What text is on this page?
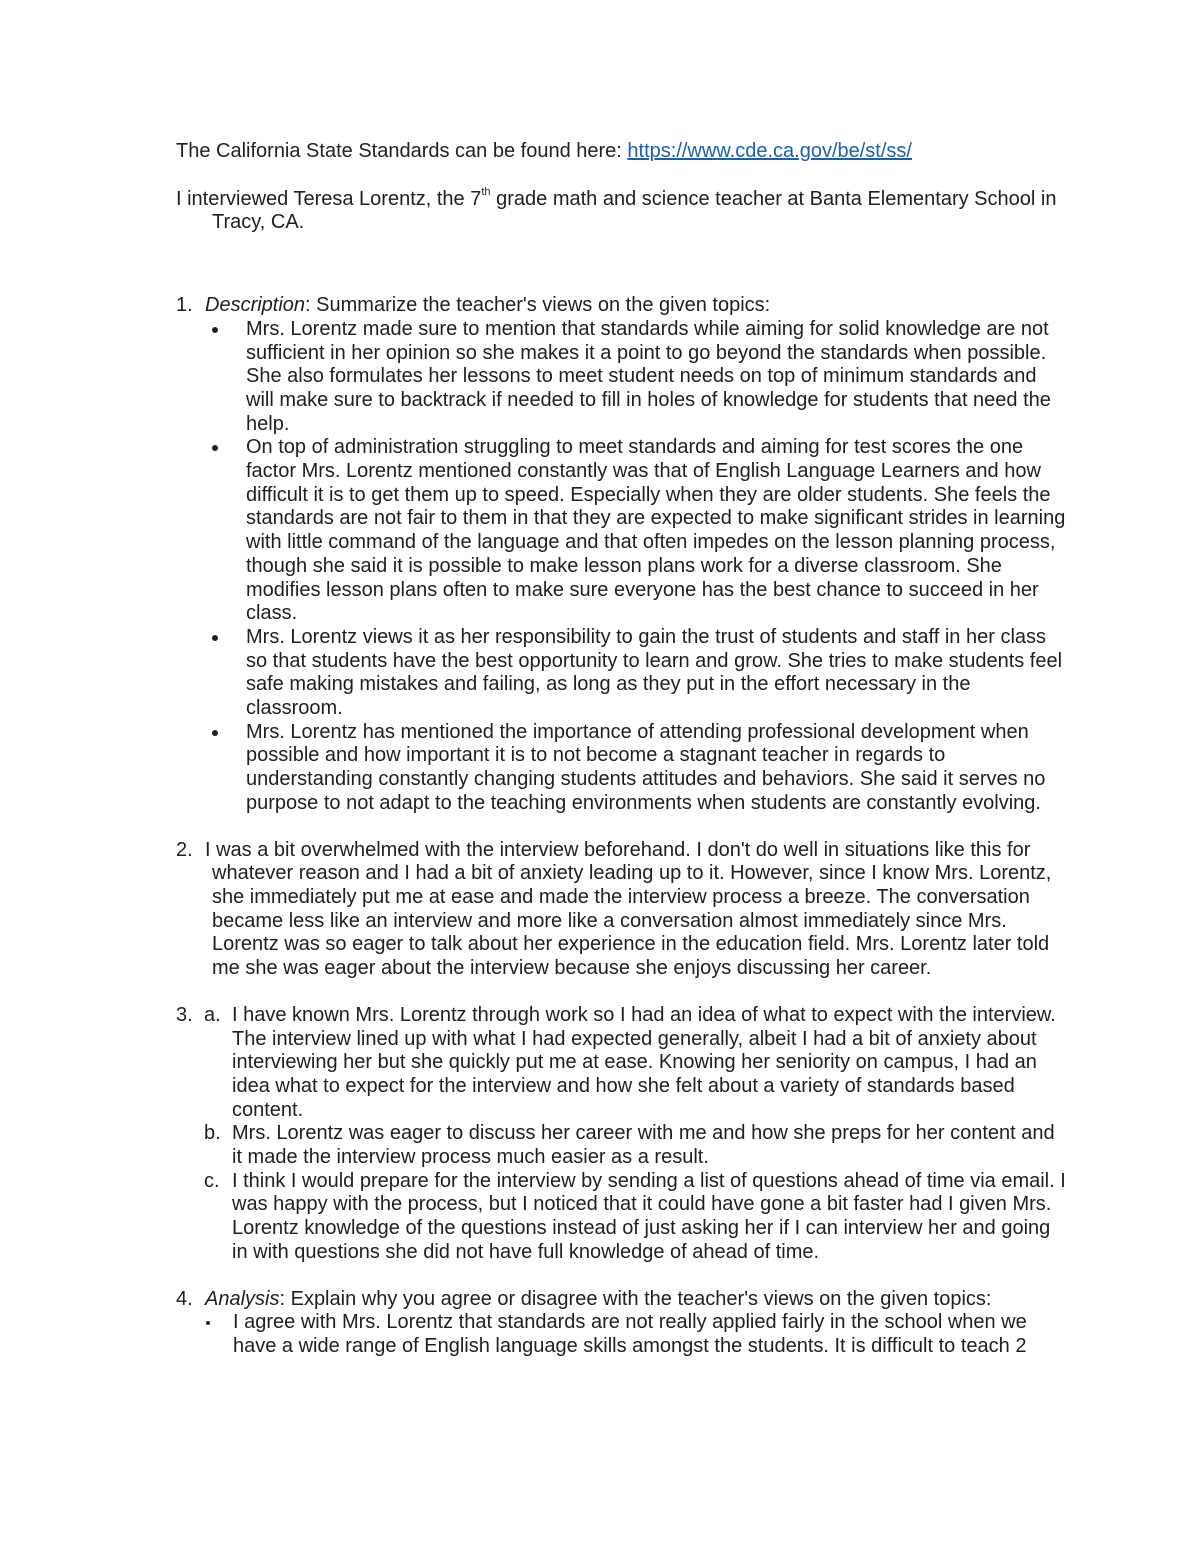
The California State Standards can be found here: https://www.cde.ca.gov/be/st/ss/

I interviewed Teresa Lorentz, the 7th grade math and science teacher at Banta Elementary School in Tracy, CA.

1. Description: Summarize the teacher's views on the given topics:
Mrs. Lorentz made sure to mention that standards while aiming for solid knowledge are not sufficient in her opinion so she makes it a point to go beyond the standards when possible. She also formulates her lessons to meet student needs on top of minimum standards and will make sure to backtrack if needed to fill in holes of knowledge for students that need the help.
On top of administration struggling to meet standards and aiming for test scores the one factor Mrs. Lorentz mentioned constantly was that of English Language Learners and how difficult it is to get them up to speed. Especially when they are older students. She feels the standards are not fair to them in that they are expected to make significant strides in learning with little command of the language and that often impedes on the lesson planning process, though she said it is possible to make lesson plans work for a diverse classroom. She modifies lesson plans often to make sure everyone has the best chance to succeed in her class.
Mrs. Lorentz views it as her responsibility to gain the trust of students and staff in her class so that students have the best opportunity to learn and grow. She tries to make students feel safe making mistakes and failing, as long as they put in the effort necessary in the classroom.
Mrs. Lorentz has mentioned the importance of attending professional development when possible and how important it is to not become a stagnant teacher in regards to understanding constantly changing students attitudes and behaviors. She said it serves no purpose to not adapt to the teaching environments when students are constantly evolving.
2. I was a bit overwhelmed with the interview beforehand. I don't do well in situations like this for whatever reason and I had a bit of anxiety leading up to it. However, since I know Mrs. Lorentz, she immediately put me at ease and made the interview process a breeze. The conversation became less like an interview and more like a conversation almost immediately since Mrs. Lorentz was so eager to talk about her experience in the education field. Mrs. Lorentz later told me she was eager about the interview because she enjoys discussing her career.
3. a. I have known Mrs. Lorentz through work so I had an idea of what to expect with the interview. The interview lined up with what I had expected generally, albeit I had a bit of anxiety about interviewing her but she quickly put me at ease. Knowing her seniority on campus, I had an idea what to expect for the interview and how she felt about a variety of standards based content.
b. Mrs. Lorentz was eager to discuss her career with me and how she preps for her content and it made the interview process much easier as a result.
c. I think I would prepare for the interview by sending a list of questions ahead of time via email. I was happy with the process, but I noticed that it could have gone a bit faster had I given Mrs. Lorentz knowledge of the questions instead of just asking her if I can interview her and going in with questions she did not have full knowledge of ahead of time.
4. Analysis: Explain why you agree or disagree with the teacher's views on the given topics:
I agree with Mrs. Lorentz that standards are not really applied fairly in the school when we have a wide range of English language skills amongst the students. It is difficult to teach 2
